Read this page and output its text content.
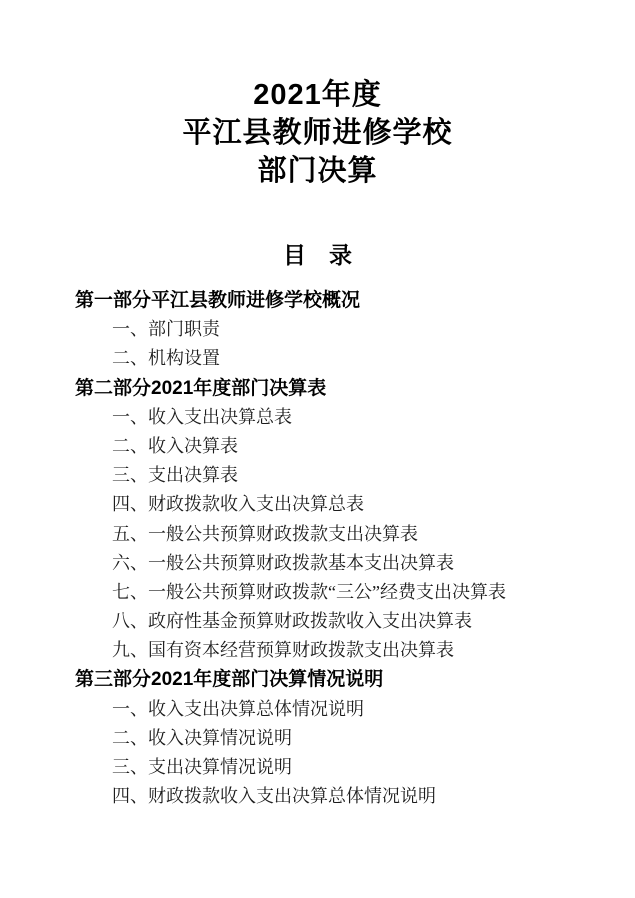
2021年度
平江县教师进修学校
部门决算
目　录
第一部分平江县教师进修学校概况
一、部门职责
二、机构设置
第二部分2021年度部门决算表
一、收入支出决算总表
二、收入决算表
三、支出决算表
四、财政拨款收入支出决算总表
五、一般公共预算财政拨款支出决算表
六、一般公共预算财政拨款基本支出决算表
七、一般公共预算财政拨款“三公”经费支出决算表
八、政府性基金预算财政拨款收入支出决算表
九、国有资本经营预算财政拨款支出决算表
第三部分2021年度部门决算情况说明
一、收入支出决算总体情况说明
二、收入决算情况说明
三、支出决算情况说明
四、财政拨款收入支出决算总体情况说明
